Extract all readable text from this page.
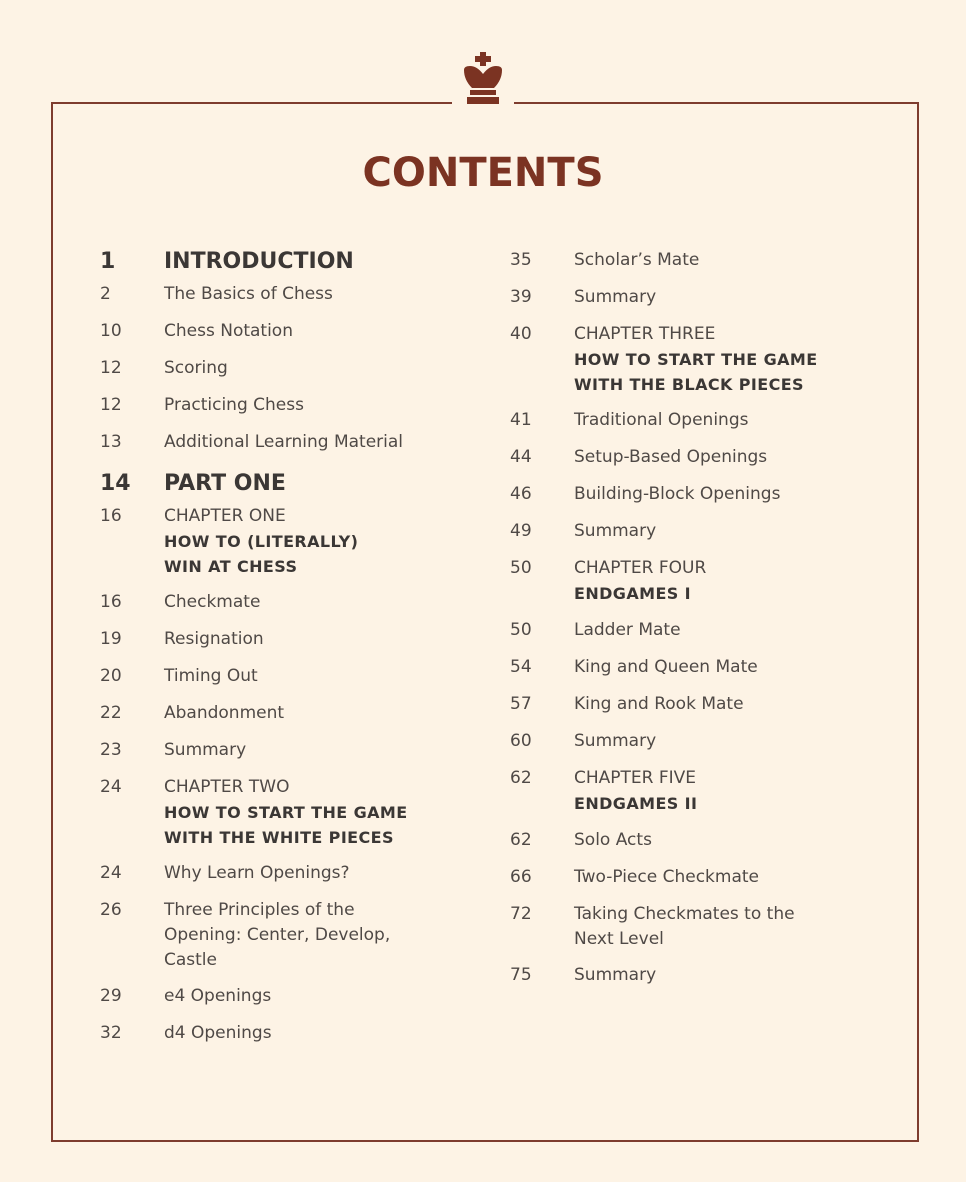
CONTENTS
1 INTRODUCTION
2	The Basics of Chess
10 Chess Notation
12 Scoring
12 Practicing Chess
13 Additional Learning Material
14 PART ONE
16 CHAPTER ONE
HOW TO (LITERALLY)
WIN AT CHESS
16 Checkmate
19 Resignation
20 Timing Out
22 Abandonment
23 Summary
24 CHAPTER TWO
HOW TO START THE GAME
WITH THE WHITE PIECES
24 Why Learn Openings?
26 Three Principles of the
Opening: Center, Develop,
Castle
29 e4 Openings
32 d4 Openings
35 Scholar’s Mate
39 Summary
40 CHAPTER THREE
HOW TO START THE GAME
WITH THE BLACK PIECES
41 Traditional Openings
44 Setup-Based Openings
46 Building-Block Openings
49 Summary
50 CHAPTER FOUR
ENDGAMES I
50 Ladder Mate
54 King and Queen Mate
57 King and Rook Mate
60 Summary
62 CHAPTER FIVE
ENDGAMES II
62 Solo Acts
66 Two-Piece Checkmate
72 Taking Checkmates to the
Next Level
75 Summary
